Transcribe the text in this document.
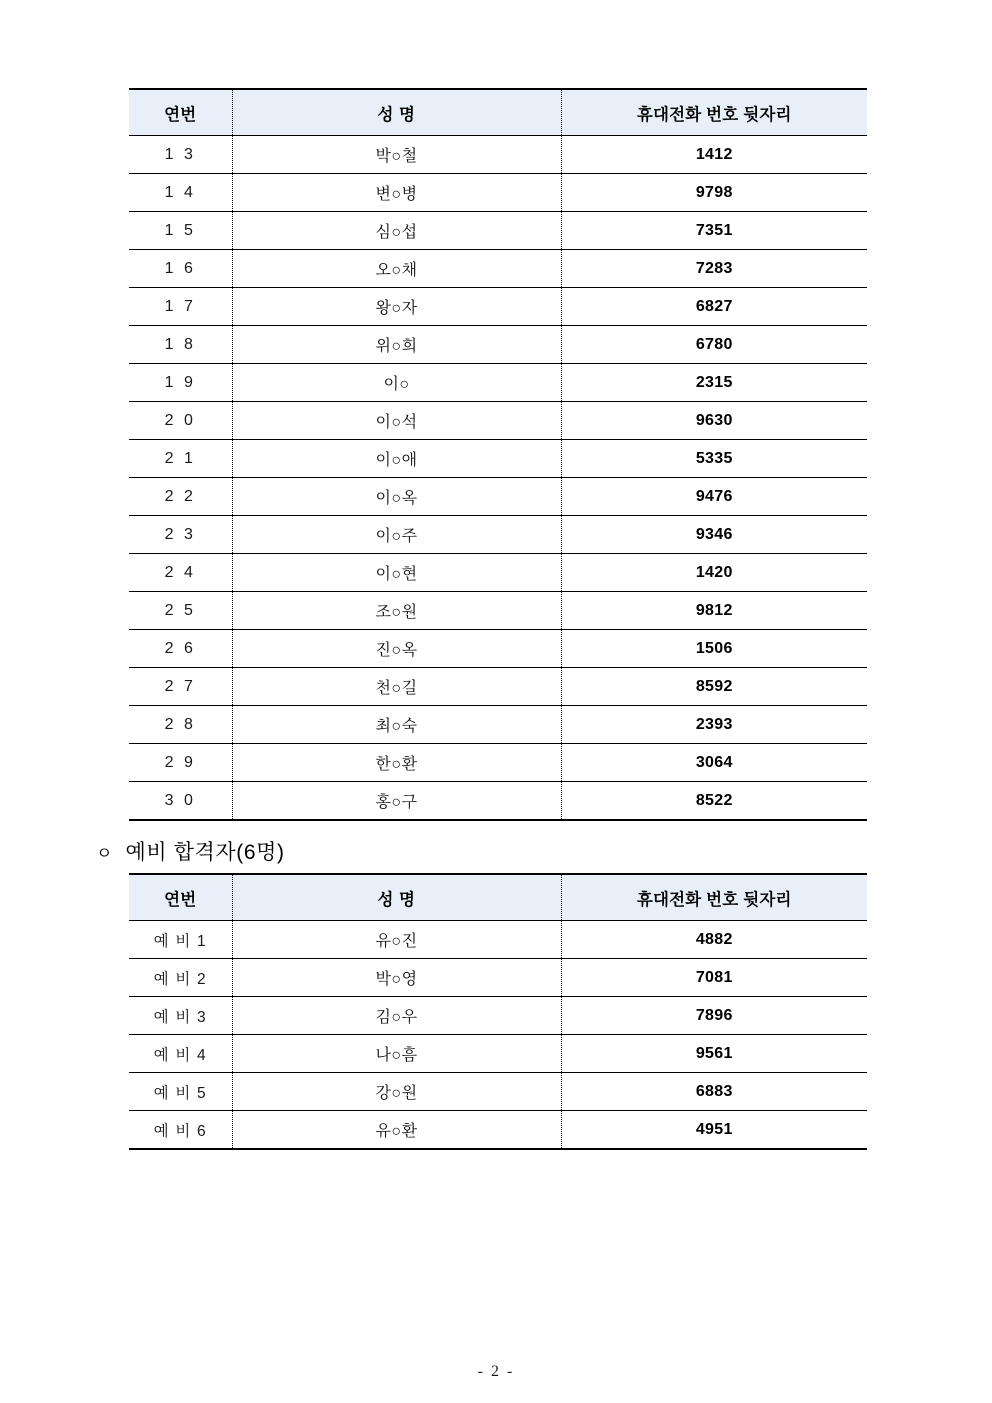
연번	성 명	휴대전화 번호 뒷자리
1 3	박○철	1412
1 4	변○병	9798
1 5	심○섭	7351
1 6	오○채	7283
1 7	왕○자	6827
1 8	위○희	6780
1 9	이○	2315
2 0	이○석	9630
2 1	이○애	5335
2 2	이○옥	9476
2 3	이○주	9346
2 4	이○현	1420
2 5	조○원	9812
2 6	진○옥	1506
2 7	천○길	8592
2 8	최○숙	2393
2 9	한○환	3064
3 0	홍○구	8522
ㅇ 예비 합격자(6명)
연번	성 명	휴대전화 번호 뒷자리
예 비 1	유○진	4882
예 비 2	박○영	7081
예 비 3	김○우	7896
예 비 4	나○흠	9561
예 비 5	강○원	6883
예 비 6	유○환	4951
- 2 -
